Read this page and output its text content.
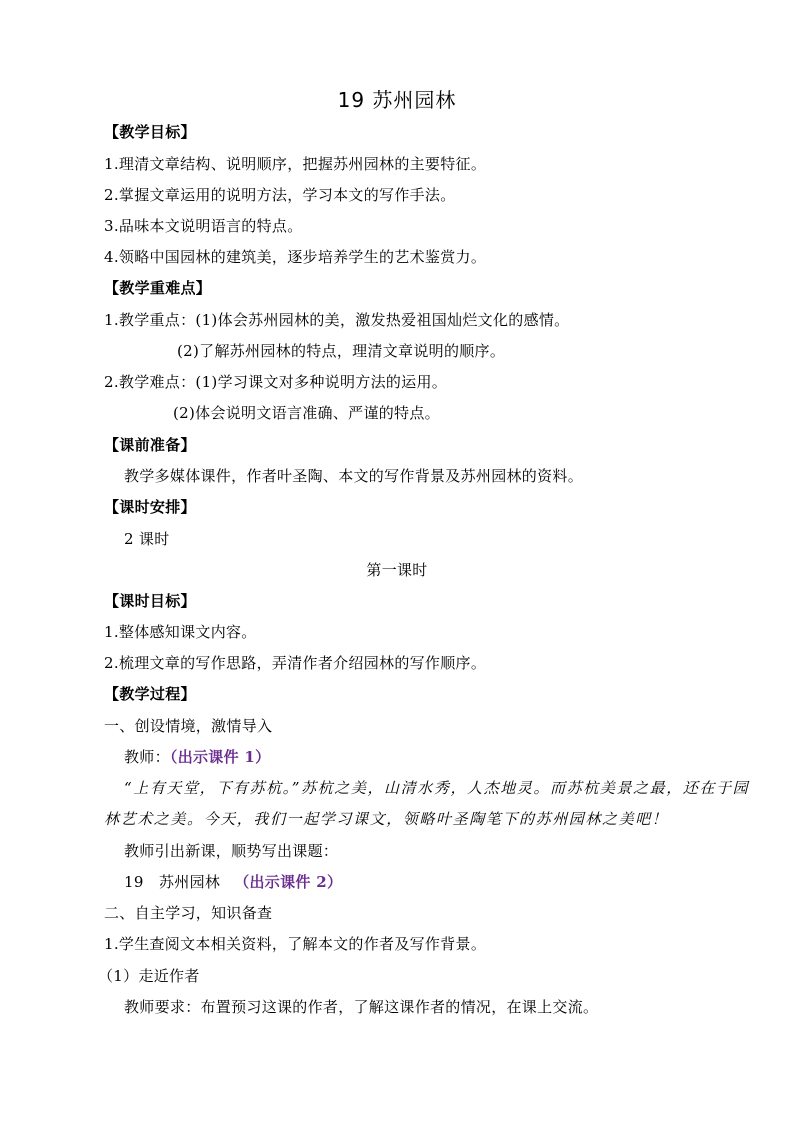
19 苏州园林
【教学目标】
1.理清文章结构、说明顺序，把握苏州园林的主要特征。
2.掌握文章运用的说明方法，学习本文的写作手法。
3.品味本文说明语言的特点。
4.领略中国园林的建筑美，逐步培养学生的艺术鉴赏力。
【教学重难点】
1.教学重点：(1)体会苏州园林的美，激发热爱祖国灿烂文化的感情。
(2)了解苏州园林的特点，理清文章说明的顺序。
2.教学难点：(1)学习课文对多种说明方法的运用。
(2)体会说明文语言准确、严谨的特点。
【课前准备】
教学多媒体课件，作者叶圣陶、本文的写作背景及苏州园林的资料。
【课时安排】
2 课时
第一课时
【课时目标】
1.整体感知课文内容。
2.梳理文章的写作思路，弄清作者介绍园林的写作顺序。
【教学过程】
一、创设情境，激情导入
教师：（出示课件 1）
“上有天堂，下有苏杭。”苏杭之美，山清水秀，人杰地灵。而苏杭美景之最，还在于园
林艺术之美。今天，我们一起学习课文，领略叶圣陶笔下的苏州园林之美吧！
教师引出新课，顺势写出课题：
19　苏州园林 （出示课件 2）
二、自主学习，知识备查
1.学生查阅文本相关资料，了解本文的作者及写作背景。
（1）走近作者
教师要求：布置预习这课的作者，了解这课作者的情况，在课上交流。
